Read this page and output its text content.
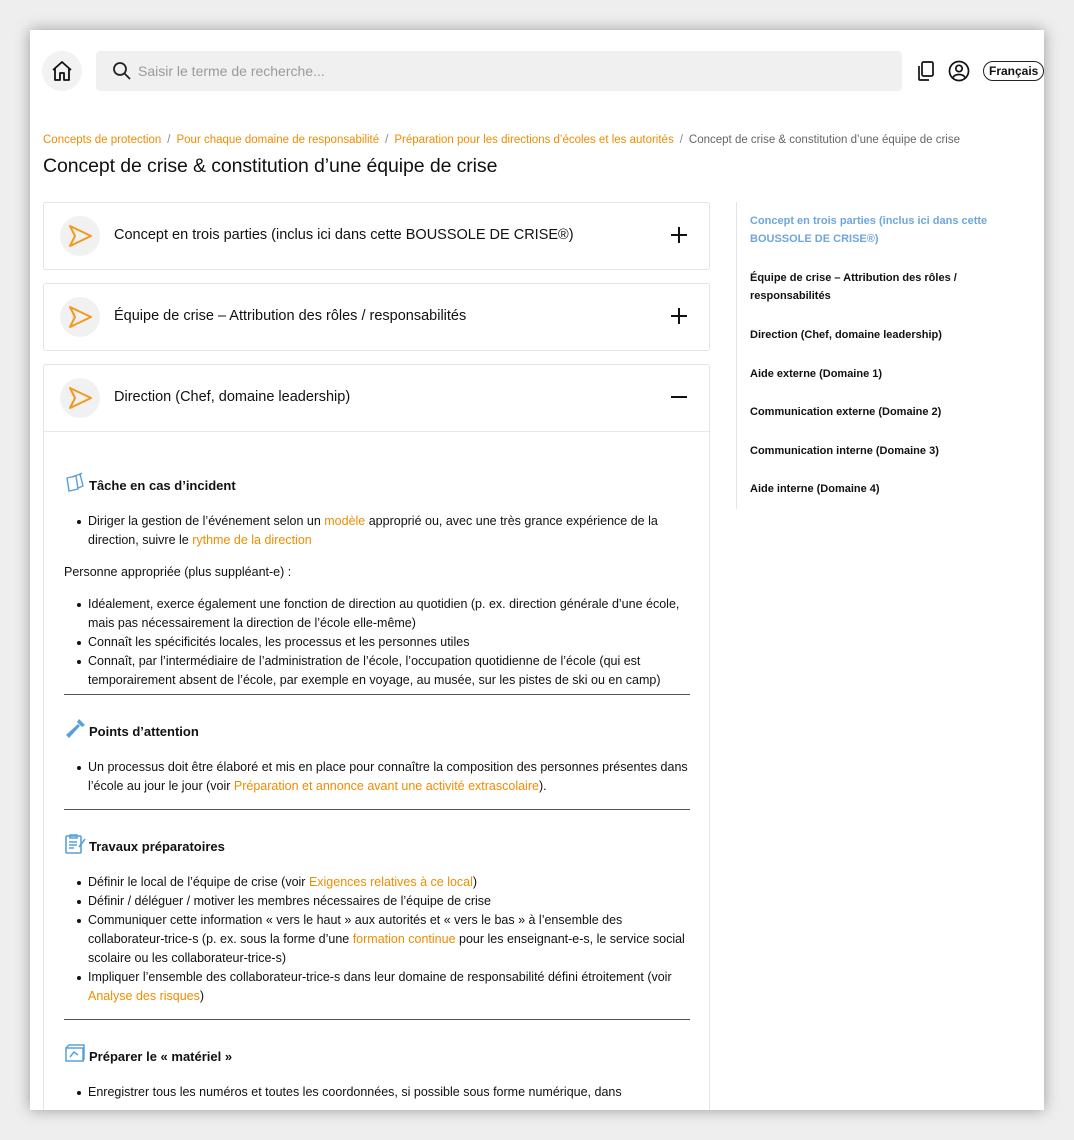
Saisir le terme de recherche...
Français
Concepts de protection / Pour chaque domaine de responsabilité / Préparation pour les directions d’écoles et les autorités / Concept de crise & constitution d’une équipe de crise
Concept de crise & constitution d’une équipe de crise
Concept en trois parties (inclus ici dans cette BOUSSOLE DE CRISE®)
Équipe de crise – Attribution des rôles / responsabilités
Direction (Chef, domaine leadership)
Tâche en cas d’incident
Diriger la gestion de l’événement selon un modèle approprié ou, avec une très grance expérience de la direction, suivre le rythme de la direction

Personne appropriée (plus suppléant-e) :

Idéalement, exerce également une fonction de direction au quotidien (p. ex. direction générale d’une école, mais pas nécessairement la direction de l’école elle-même)
Connaît les spécificités locales, les processus et les personnes utiles
Connaît, par l’intermédiaire de l’administration de l’école, l’occupation quotidienne de l’école (qui est temporairement absent de l’école, par exemple en voyage, au musée, sur les pistes de ski ou en camp)
Points d’attention
Un processus doit être élaboré et mis en place pour connaître la composition des personnes présentes dans l’école au jour le jour (voir Préparation et annonce avant une activité extrascolaire).
Travaux préparatoires
Définir le local de l’équipe de crise (voir Exigences relatives à ce local)
Définir / déléguer / motiver les membres nécessaires de l’équipe de crise
Communiquer cette information « vers le haut » aux autorités et « vers le bas » à l’ensemble des collaborateur-trice-s (p. ex. sous la forme d’une formation continue pour les enseignant-e-s, le service social scolaire ou les collaborateur-trice-s)
Impliquer l’ensemble des collaborateur-trice-s dans leur domaine de responsabilité défini étroitement (voir Analyse des risques)
Préparer le « matériel »
Enregistrer tous les numéros et toutes les coordonnées, si possible sous forme numérique, dans
Concept en trois parties (inclus ici dans cette BOUSSOLE DE CRISE®)
Équipe de crise – Attribution des rôles / responsabilités
Direction (Chef, domaine leadership)
Aide externe (Domaine 1)
Communication externe (Domaine 2)
Communication interne (Domaine 3)
Aide interne (Domaine 4)
